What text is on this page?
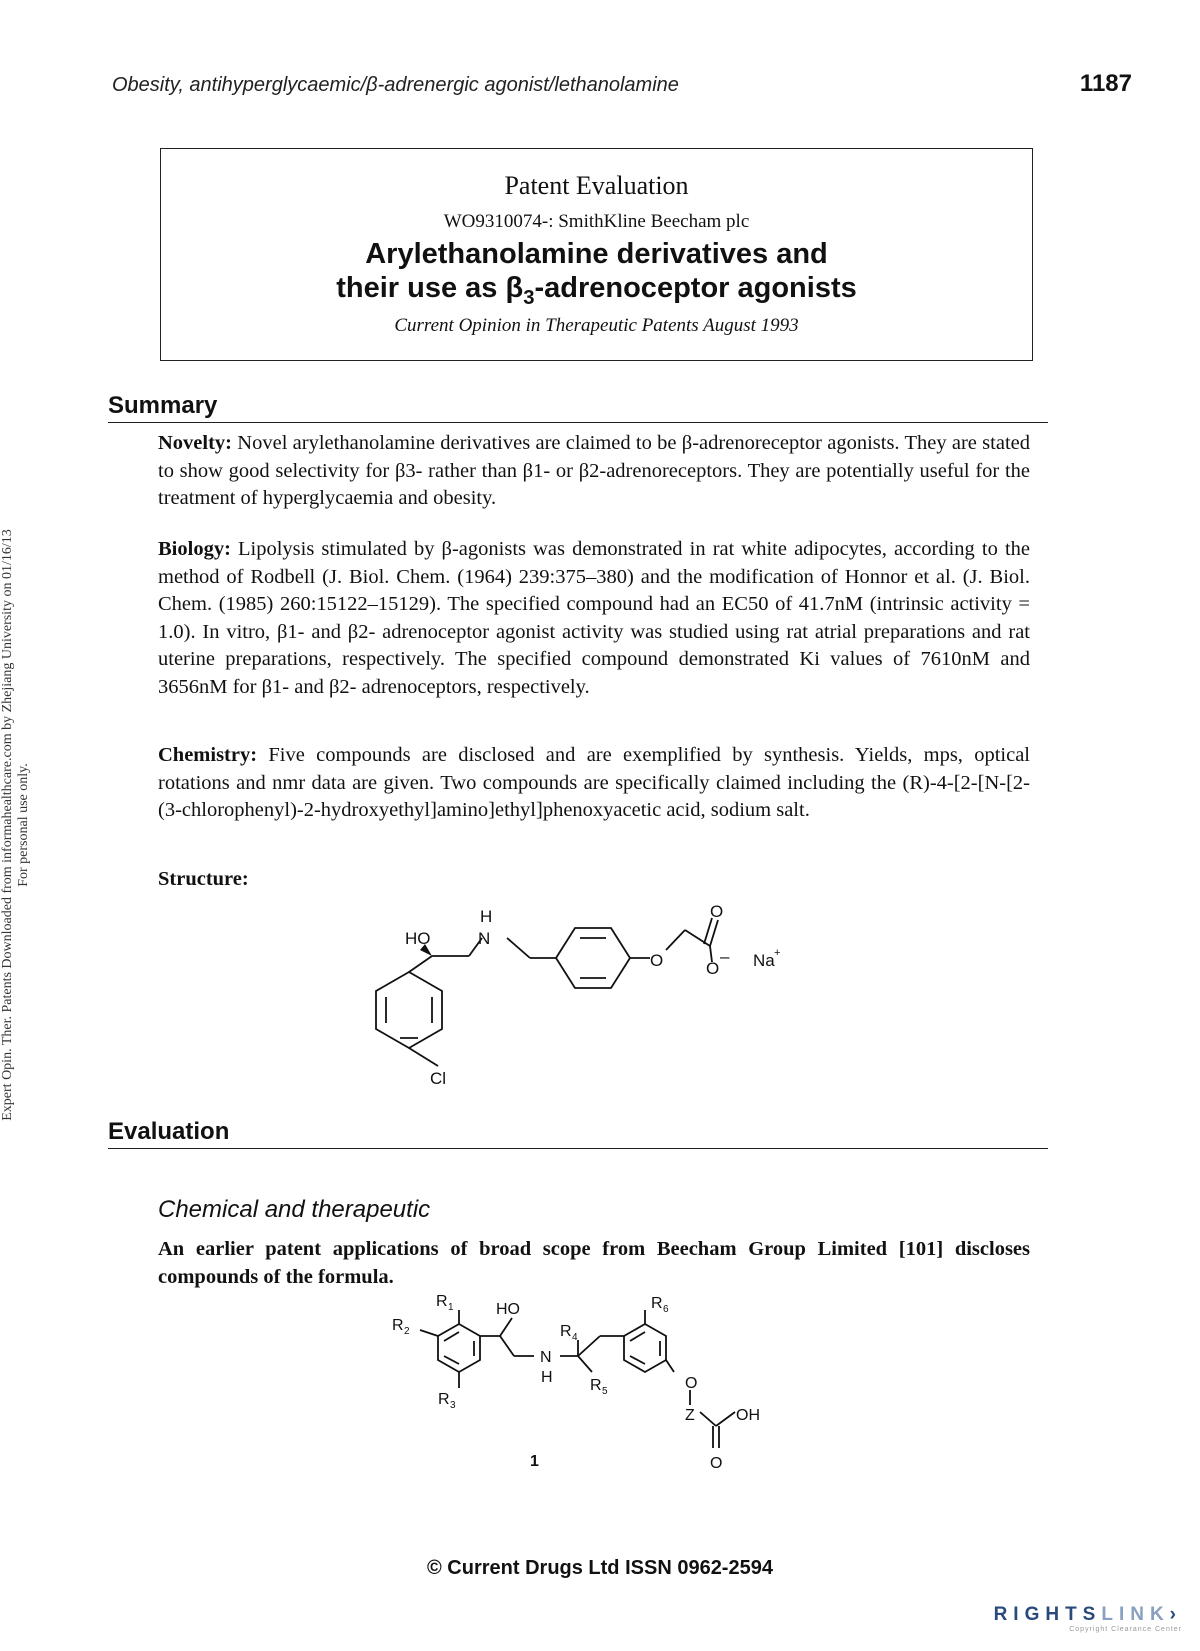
Obesity, antihyperglycaemic/β-adrenergic agonist/lethanolamine	1187
Expert Opin. Ther. Patents Downloaded from informahealthcare.com by Zhejiang University on 01/16/13 For personal use only.
Patent Evaluation
WO9310074-: SmithKline Beecham plc
Arylethanolamine derivatives and
their use as $\beta_3$-adrenoceptor agonists
Current Opinion in Therapeutic Patents August 1993
Summary
Novelty: Novel arylethanolamine derivatives are claimed to be β-adrenoreceptor agonists. They are stated to show good selectivity for β3- rather than β1- or β2-adrenoreceptors. They are potentially useful for the treatment of hyperglycaemia and obesity.
Biology: Lipolysis stimulated by β-agonists was demonstrated in rat white adipocytes, according to the method of Rodbell (J. Biol. Chem. (1964) 239:375–380) and the modification of Honnor et al. (J. Biol. Chem. (1985) 260:15122–15129). The specified compound had an EC50 of 41.7nM (intrinsic activity = 1.0). In vitro, β1- and β2- adrenoceptor agonist activity was studied using rat atrial preparations and rat uterine preparations, respectively. The specified compound demonstrated Ki values of 7610nM and 3656nM for β1- and β2- adrenoceptors, respectively.
Chemistry: Five compounds are disclosed and are exemplified by synthesis. Yields, mps, optical rotations and nmr data are given. Two compounds are specifically claimed including the (R)-4-[2-[N-[2-(3-chlorophenyl)-2-hydroxyethyl]amino]ethyl]phenoxyacetic acid, sodium salt.
Structure:
HO
H
N
O
O
O
– Na +
Cl
Evaluation
Chemical and therapeutic
An earlier patent applications of broad scope from Beecham Group Limited [101] discloses compounds of the formula.
R 1
R 2
R 3
HO
R 4
N
H R 5
R 6
O
Z	OH
O
1
© Current Drugs Ltd ISSN 0962-2594
RIGHTSLINK›
Copyright Clearance Center
